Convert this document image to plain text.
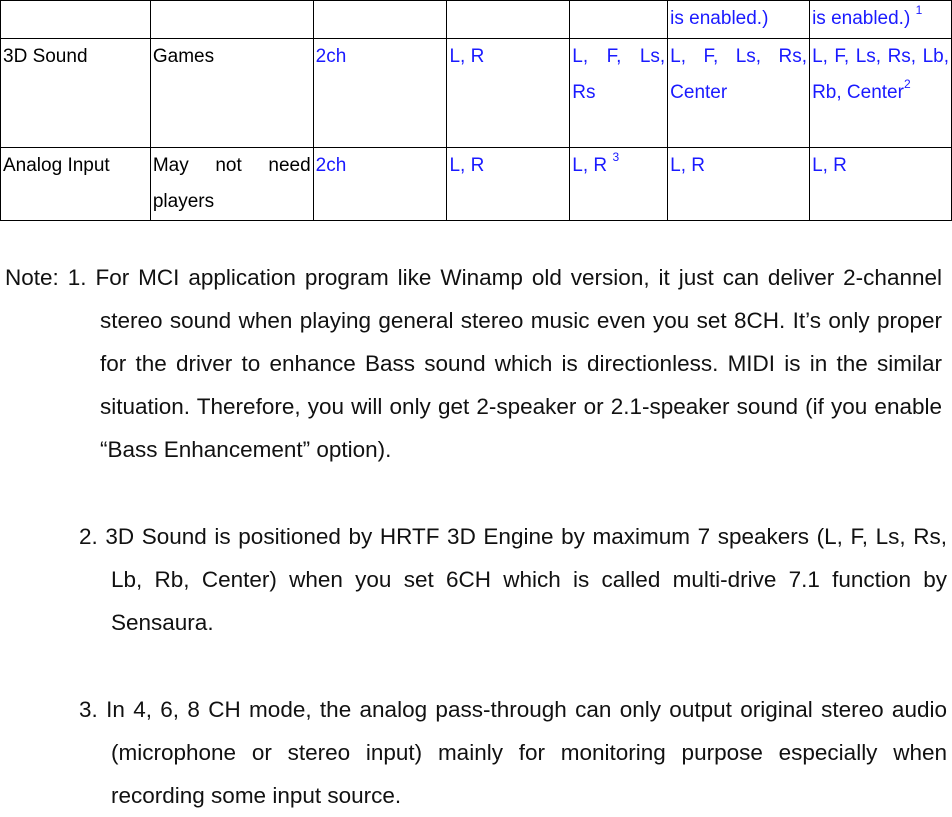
					is enabled.)	is enabled.) $^1$
3D Sound	Games	2ch	L, R	L, F, Ls, Rs	L, F, Ls, Rs, Center	L, F, Ls, Rs, Lb, Rb, Center$^2$
Analog Input	May not need players	2ch	L, R	L, R $^3$	L, R	L, R

Note: 1. For MCI application program like Winamp old version, it just can deliver 2-channel stereo sound when playing general stereo music even you set 8CH. It’s only proper for the driver to enhance Bass sound which is directionless. MIDI is in the similar situation. Therefore, you will only get 2-speaker or 2.1-speaker sound (if you enable “Bass Enhancement” option).

2. 3D Sound is positioned by HRTF 3D Engine by maximum 7 speakers (L, F, Ls, Rs, Lb, Rb, Center) when you set 6CH which is called multi-drive 7.1 function by Sensaura.

3. In 4, 6, 8 CH mode, the analog pass-through can only output original stereo audio (microphone or stereo input) mainly for monitoring purpose especially when recording some input source.
